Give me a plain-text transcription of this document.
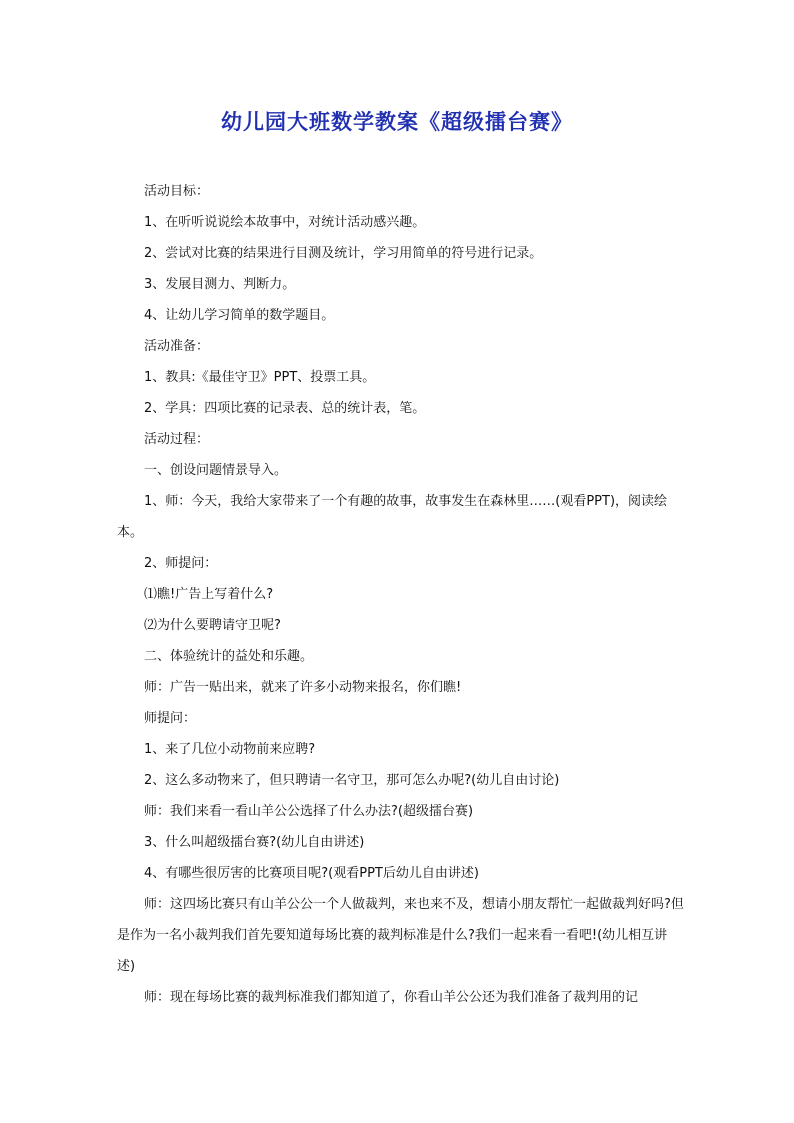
幼儿园大班数学教案《超级擂台赛》

活动目标：

1、在听听说说绘本故事中，对统计活动感兴趣。

2、尝试对比赛的结果进行目测及统计，学习用简单的符号进行记录。

3、发展目测力、判断力。

4、让幼儿学习简单的数学题目。

活动准备：

1、教具:《最佳守卫》PPT、投票工具。

2、学具：四项比赛的记录表、总的统计表，笔。

活动过程：

一、创设问题情景导入。

1、师：今天，我给大家带来了一个有趣的故事，故事发生在森林里……(观看PPT)，阅读绘本。

2、师提问：

⑴瞧!广告上写着什么?

⑵为什么要聘请守卫呢?

二、体验统计的益处和乐趣。

师：广告一贴出来，就来了许多小动物来报名，你们瞧!

师提问：

1、来了几位小动物前来应聘?

2、这么多动物来了，但只聘请一名守卫，那可怎么办呢?(幼儿自由讨论)

师：我们来看一看山羊公公选择了什么办法?(超级擂台赛)

3、什么叫超级擂台赛?(幼儿自由讲述)

4、有哪些很厉害的比赛项目呢?(观看PPT后幼儿自由讲述)

师：这四场比赛只有山羊公公一个人做裁判，来也来不及，想请小朋友帮忙一起做裁判好吗?但是作为一名小裁判我们首先要知道每场比赛的裁判标准是什么?我们一起来看一看吧!(幼儿相互讲述)

师：现在每场比赛的裁判标准我们都知道了，你看山羊公公还为我们准备了裁判用的记
